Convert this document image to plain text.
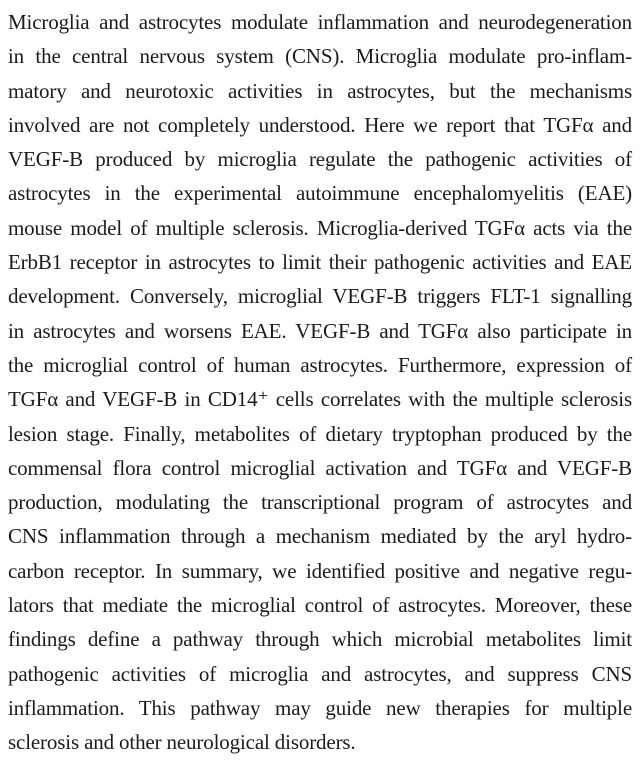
Microglia and astrocytes modulate inflammation and neurodegeneration
in the central nervous system (CNS). Microglia modulate pro-inflam-
matory and neurotoxic activities in astrocytes, but the mechanisms
involved are not completely understood. Here we report that TGFα and
VEGF-B produced by microglia regulate the pathogenic activities of
astrocytes in the experimental autoimmune encephalomyelitis (EAE)
mouse model of multiple sclerosis. Microglia-derived TGFα acts via the
ErbB1 receptor in astrocytes to limit their pathogenic activities and EAE
development. Conversely, microglial VEGF-B triggers FLT-1 signalling
in astrocytes and worsens EAE. VEGF-B and TGFα also participate in
the microglial control of human astrocytes. Furthermore, expression of
TGFα and VEGF-B in CD14⁺ cells correlates with the multiple sclerosis
lesion stage. Finally, metabolites of dietary tryptophan produced by the
commensal flora control microglial activation and TGFα and VEGF-B
production, modulating the transcriptional program of astrocytes and
CNS inflammation through a mechanism mediated by the aryl hydro-
carbon receptor. In summary, we identified positive and negative regu-
lators that mediate the microglial control of astrocytes. Moreover, these
findings define a pathway through which microbial metabolites limit
pathogenic activities of microglia and astrocytes, and suppress CNS
inflammation. This pathway may guide new therapies for multiple
sclerosis and other neurological disorders.
